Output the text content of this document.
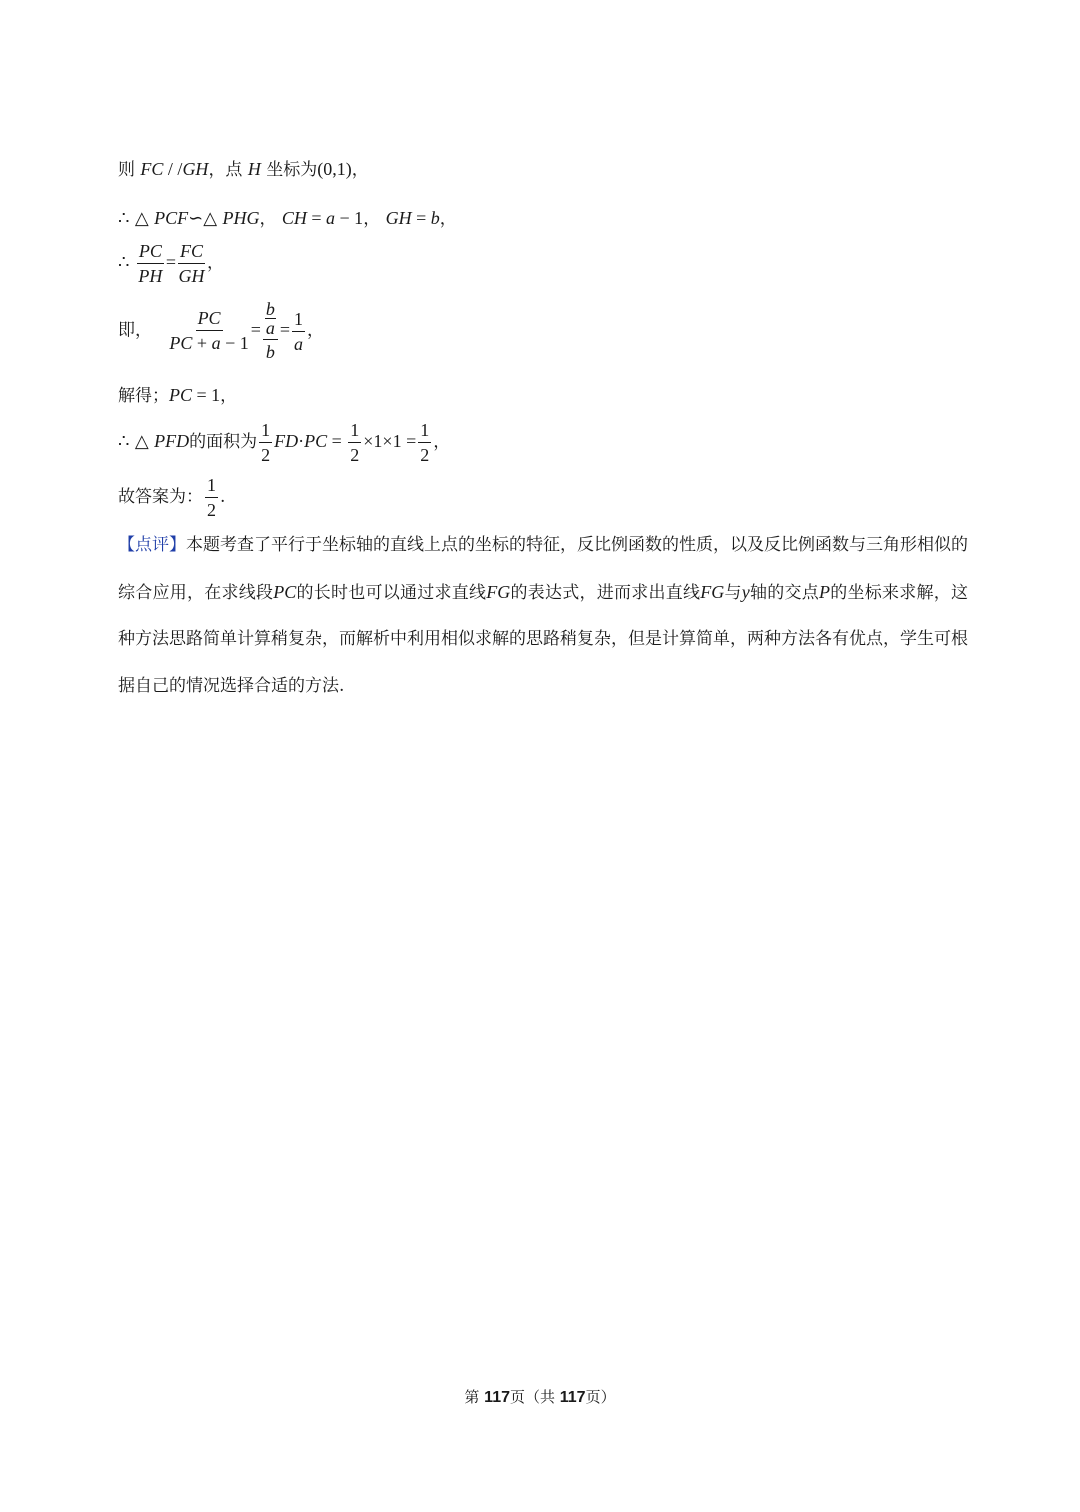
则 FC / /GH，点 H 坐标为(0,1)，
∴ △ PCF∽△ PHG， CH = a − 1， GH = b，
∴ $\frac{PC}{PH} = \frac{FC}{GH}$ ，
即， $\frac{PC}{PC + a - 1} = b$
a
$b = \frac{1}{a}$ ，
解得；PC = 1，
∴ △ PFD的面积为 $\frac{1}{2} FD\cdot PC = \frac{1}{2} \times 1\times 1 = \frac{1}{2}$ ，
故答案为： $\frac{1}{2}$ .
【点评】本题考查了平行于坐标轴的直线上点的坐标的特征，反比例函数的性质，以及反比例函数与三角形相似的综合应用，在求线段PC的长时也可以通过求直线FG的表达式，进而求出直线FG与y轴的交点P的坐标来求解，这种方法思路简单计算稍复杂，而解析中利用相似求解的思路稍复杂，但是计算简单，两种方法各有优点，学生可根据自己的情况选择合适的方法.
第 117页（共 117页）
